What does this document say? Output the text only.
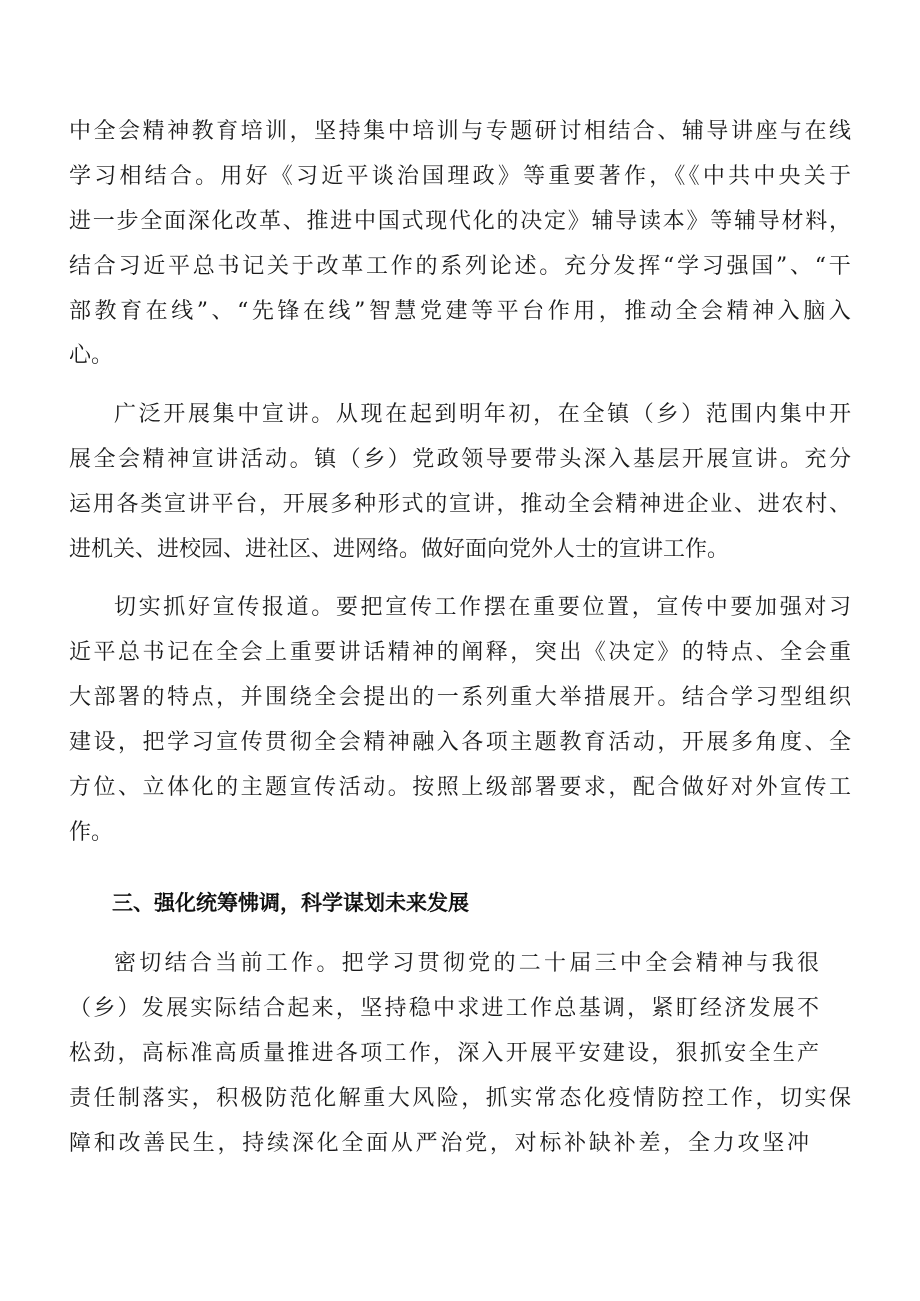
中全会精神教育培训，坚持集中培训与专题研讨相结合、辅导讲座与在线
学习相结合。用好《习近平谈治国理政》等重要著作，《《中共中央关于
进一步全面深化改革、推进中国式现代化的决定》辅导读本》等辅导材料，
结合习近平总书记关于改革工作的系列论述。充分发挥“学习强国”、“干
部教育在线”、“先锋在线”智慧党建等平台作用，推动全会精神入脑入
心。
广泛开展集中宣讲。从现在起到明年初，在全镇（乡）范围内集中开
展全会精神宣讲活动。镇（乡）党政领导要带头深入基层开展宣讲。充分
运用各类宣讲平台，开展多种形式的宣讲，推动全会精神进企业、进农村、
进机关、进校园、进社区、进网络。做好面向党外人士的宣讲工作。
切实抓好宣传报道。要把宣传工作摆在重要位置，宣传中要加强对习
近平总书记在全会上重要讲话精神的阐释，突出《决定》的特点、全会重
大部署的特点，并围绕全会提出的一系列重大举措展开。结合学习型组织
建设，把学习宣传贯彻全会精神融入各项主题教育活动，开展多角度、全
方位、立体化的主题宣传活动。按照上级部署要求，配合做好对外宣传工
作。
三、强化统筹怫调，科学谋划未来发展
密切结合当前工作。把学习贯彻党的二十届三中全会精神与我很
（乡）发展实际结合起来，坚持稳中求进工作总基调，紧盯经济发展不
松劲，高标准高质量推进各项工作，深入开展平安建设，狠抓安全生产
责任制落实，积极防范化解重大风险，抓实常态化疫情防控工作，切实保
障和改善民生，持续深化全面从严治党，对标补缺补差，全力攻坚冲
